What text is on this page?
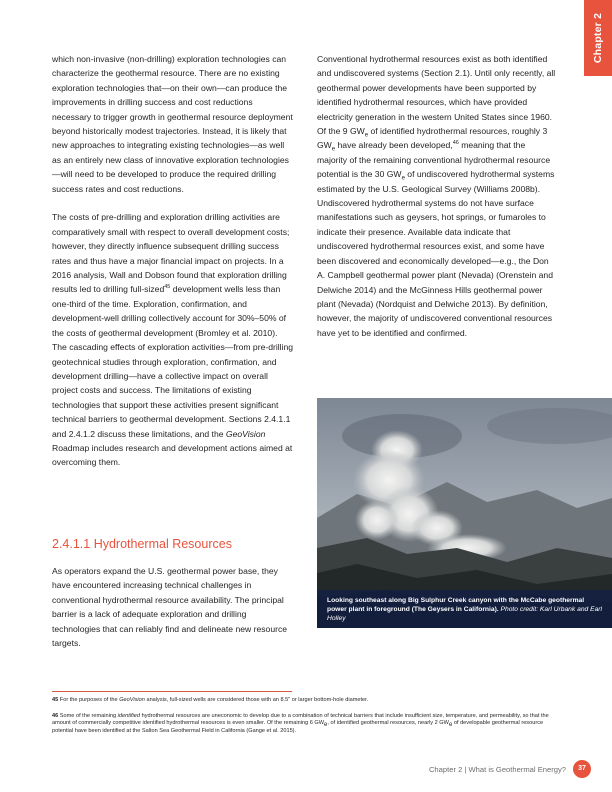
Chapter 2

which non-invasive (non-drilling) exploration technologies can characterize the geothermal resource. There are no existing exploration technologies that—on their own—can produce the improvements in drilling success and cost reductions necessary to trigger growth in geothermal resource deployment beyond historically modest trajectories. Instead, it is likely that new approaches to integrating existing technologies—as well as an entirely new class of innovative exploration technologies—will need to be developed to produce the required drilling success rates and cost reductions.

The costs of pre-drilling and exploration drilling activities are comparatively small with respect to overall development costs; however, they directly influence subsequent drilling success rates and thus have a major financial impact on projects. In a 2016 analysis, Wall and Dobson found that exploration drilling results led to drilling full-sized$^{45}$ development wells less than one-third of the time. Exploration, confirmation, and development-well drilling collectively account for 30%–50% of the costs of geothermal development (Bromley et al. 2010). The cascading effects of exploration activities—from pre-drilling geotechnical studies through exploration, confirmation, and development drilling—have a collective impact on overall project costs and success. The limitations of existing technologies that support these activities present significant technical barriers to geothermal development. Sections 2.4.1.1 and 2.4.1.2 discuss these limitations, and the GeoVision Roadmap includes research and development actions aimed at overcoming them.

2.4.1.1 Hydrothermal Resources

As operators expand the U.S. geothermal power base, they have encountered increasing technical challenges in conventional hydrothermal resource availability. The principal barrier is a lack of adequate exploration and drilling technologies that can reliably find and delineate new resource targets.

Conventional hydrothermal resources exist as both identified and undiscovered systems (Section 2.1). Until only recently, all geothermal power developments have been supported by identified hydrothermal resources, which have provided electricity generation in the western United States since 1960. Of the 9 $GW_e$ of identified hydrothermal resources, roughly 3 $GW_e$ have already been developed,$^{46}$ meaning that the majority of the remaining conventional hydrothermal resource potential is the 30 $GW_e$ of undiscovered hydrothermal systems estimated by the U.S. Geological Survey (Williams 2008b). Undiscovered hydrothermal systems do not have surface manifestations such as geysers, hot springs, or fumaroles to indicate their presence. Available data indicate that undiscovered hydrothermal resources exist, and some have been discovered and economically developed—e.g., the Don A. Campbell geothermal power plant (Nevada) (Orenstein and Delwiche 2014) and the McGinness Hills geothermal power plant (Nevada) (Nordquist and Delwiche 2013). By definition, however, the majority of undiscovered conventional resources have yet to be identified and confirmed.

Looking southeast along Big Sulphur Creek canyon with the McCabe geothermal power plant in foreground (The Geysers in California). Photo credit: Karl Urbank and Earl Holley

45 For the purposes of the GeoVision analysis, full-sized wells are considered those with an 8.5" or larger bottom-hole diameter.

46 Some of the remaining identified hydrothermal resources are uneconomic to develop due to a combination of technical barriers that include insufficient size, temperature, and permeability, so that the amount of commercially competitive identified hydrothermal resources is even smaller. Of the remaining 6 GWe, of identified geothermal resources, nearly 2 GWe of developable geothermal resource potential have been identified at the Salton Sea Geothermal Field in California (Gange et al. 2015).

Chapter 2 | What is Geothermal Energy?	37
